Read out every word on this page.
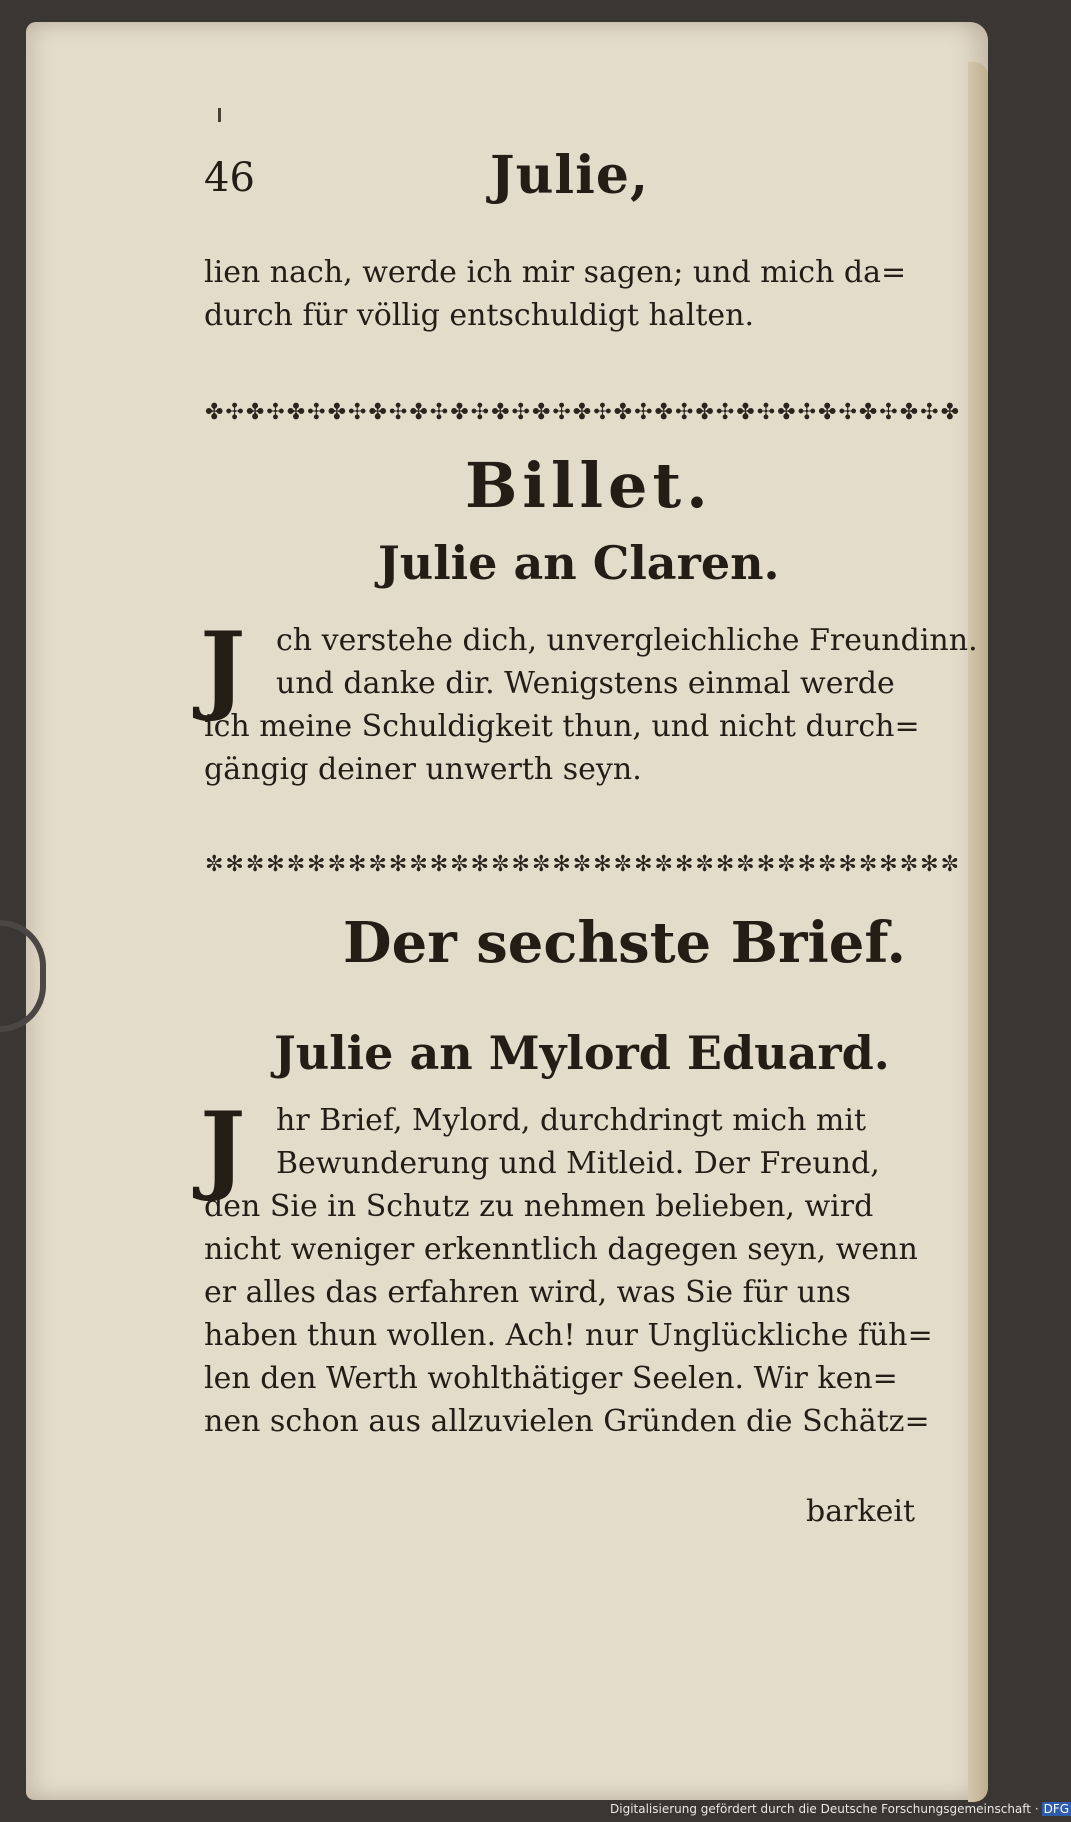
46	Julie,
lien nach, werde ich mir sagen; und mich da=
durch für völlig entschuldigt halten.
✤✣✤✣✤✣✤✣✤✣✤✣✤✣✤✣✤✣✤✣✤✣✤✣✤✣✤✣✤✣✤✣✤✣✤✣✤
Billet.
Julie an Claren.
J	ch verstehe dich, unvergleichliche Freundinn.
und danke dir. Wenigstens einmal werde
ich meine Schuldigkeit thun, und nicht durch=
gängig deiner unwerth seyn.
✼✻✼✻✼✻✼✻✼✻✼✻✼✻✼✻✼✻✼✻✼✻✼✻✼✻✼✻✼✻✼✻✼✻✼✻✼
Der sechste Brief.
Julie an Mylord Eduard.
J	hr Brief, Mylord, durchdringt mich mit
Bewunderung und Mitleid. Der Freund,
den Sie in Schutz zu nehmen belieben, wird
nicht weniger erkenntlich dagegen seyn, wenn
er alles das erfahren wird, was Sie für uns
haben thun wollen. Ach! nur Unglückliche füh=
len den Werth wohlthätiger Seelen. Wir ken=
nen schon aus allzuvielen Gründen die Schätz=
barkeit
Digitalisierung gefördert durch die Deutsche Forschungsgemeinschaft · DFG
